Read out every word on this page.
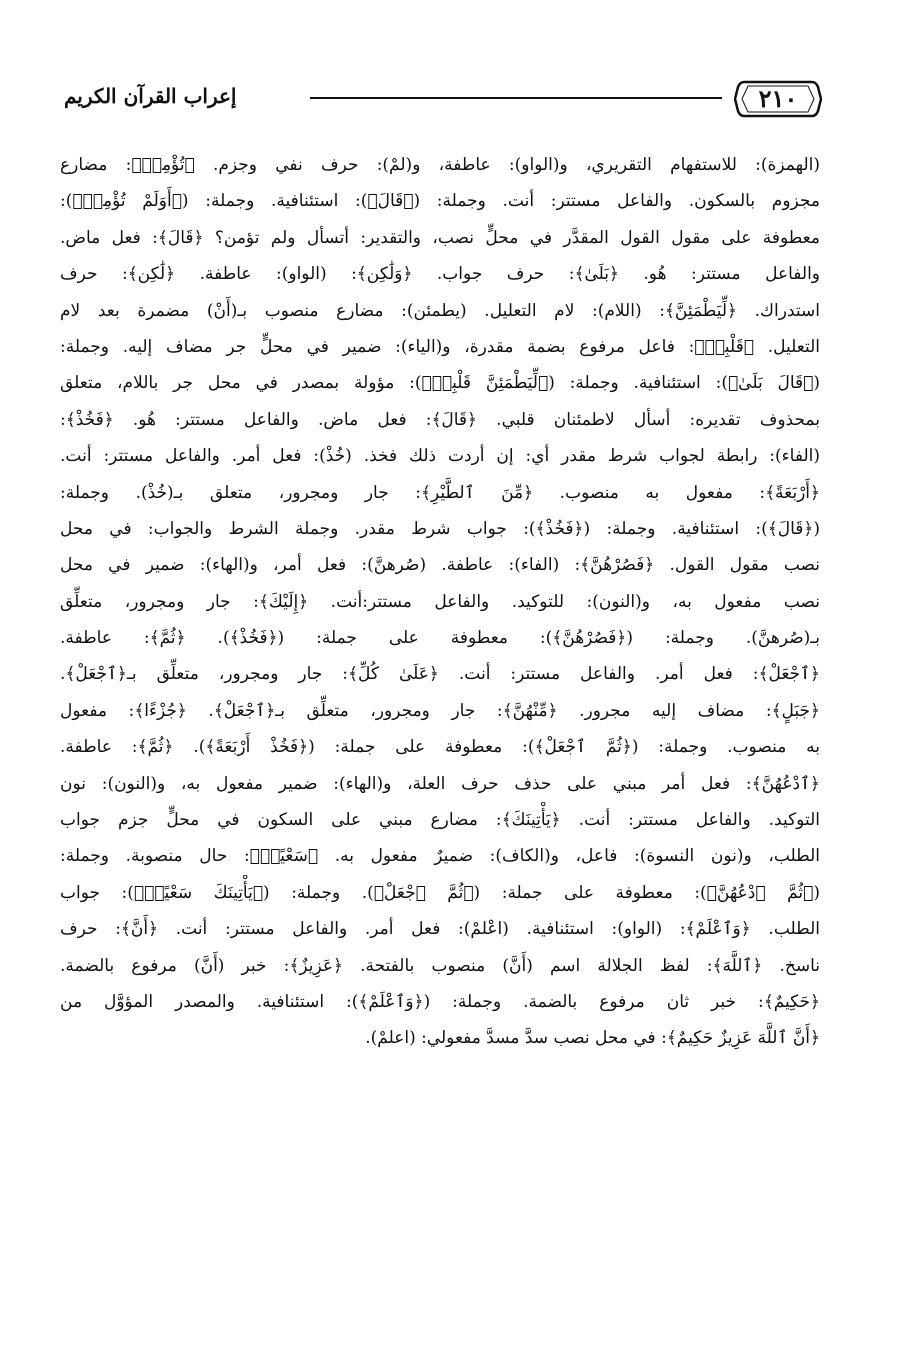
٢١٠
إعراب القرآن الكريم
(الهمزة): للاستفهام التقريري، و(الواو): عاطفة، و(لمْ): حرف نفي وجزم. ﴿تُؤْمِنۖ﴾: مضارع
مجزوم بالسكون. والفاعل مستتر: أنت. وجملة: (﴿قَالَ﴾): استئنافية. وجملة: (﴿أَوَلَمْ تُؤْمِنۖ﴾):
معطوفة على مقول القول المقدَّر في محلٍّ نصب، والتقدير: أتسأل ولم تؤمن؟ ﴿قَالَ﴾: فعل ماض.
والفاعل مستتر: هُو. ﴿بَلَىٰ﴾: حرف جواب. ﴿وَلَٰكِن﴾: (الواو): عاطفة. ﴿لَٰكِن﴾: حرف
استدراك. ﴿لِّيَطْمَئِنَّ﴾: (اللام): لام التعليل. (يطمئن): مضارع منصوب بـ(أَنْ) مضمرة بعد لام
التعليل. ﴿قَلْبِيۖ﴾: فاعل مرفوع بضمة مقدرة، و(الياء): ضمير في محلٍّ جر مضاف إليه. وجملة:
(﴿قَالَ بَلَىٰ﴾): استئنافية. وجملة: (﴿لِّيَطْمَئِنَّ قَلْبِيۖ﴾): مؤولة بمصدر في محل جر باللام، متعلق
بمحذوف تقديره: أسأل لاطمئنان قلبي. ﴿قَالَ﴾: فعل ماض. والفاعل مستتر: هُو. ﴿فَخُذْ﴾:
(الفاء): رابطة لجواب شرط مقدر أي: إن أردت ذلك فخذ. (خُذْ): فعل أمر. والفاعل مستتر: أنت.
﴿أَرْبَعَةً﴾: مفعول به منصوب. ﴿مِّنَ ٱلطَّيْرِ﴾: جار ومجرور، متعلق بـ(خُذْ). وجملة:
(﴿قَالَ﴾): استئنافية. وجملة: (﴿فَخُذْ﴾): جواب شرط مقدر. وجملة الشرط والجواب: في محل
نصب مقول القول. ﴿فَصُرْهُنَّ﴾: (الفاء): عاطفة. (صُرهنَّ): فعل أمر، و(الهاء): ضمير في محل
نصب مفعول به، و(النون): للتوكيد. والفاعل مستتر:أنت. ﴿إِلَيْكَ﴾: جار ومجرور، متعلِّق
بـ(صُرهنَّ). وجملة: (﴿فَصُرْهُنَّ﴾): معطوفة على جملة: (﴿فَخُذْ﴾). ﴿ثُمَّ﴾: عاطفة.
﴿ٱجْعَلْ﴾: فعل أمر. والفاعل مستتر: أنت. ﴿عَلَىٰ كُلِّ﴾: جار ومجرور، متعلِّق بـ﴿ٱجْعَلْ﴾.
﴿جَبَلٍ﴾: مضاف إليه مجرور. ﴿مِّنْهُنَّ﴾: جار ومجرور، متعلِّق بـ﴿ٱجْعَلْ﴾. ﴿جُزْءًا﴾: مفعول
به منصوب. وجملة: (﴿ثُمَّ ٱجْعَلْ﴾): معطوفة على جملة: (﴿فَخُذْ أَرْبَعَةً﴾). ﴿ثُمَّ﴾: عاطفة.
﴿ٱدْعُهُنَّ﴾: فعل أمر مبني على حذف حرف العلة، و(الهاء): ضمير مفعول به، و(النون): نون
التوكيد. والفاعل مستتر: أنت. ﴿يَأْتِينَكَ﴾: مضارع مبني على السكون في محلٍّ جزم جواب
الطلب، و(نون النسوة): فاعل، و(الكاف): ضميرٌ مفعول به. ﴿سَعْيًاۚ﴾: حال منصوبة. وجملة:
(﴿ثُمَّ ٱدْعُهُنَّ﴾): معطوفة على جملة: (﴿ثُمَّ ٱجْعَلْ﴾). وجملة: (﴿يَأْتِينَكَ سَعْيًاۚ﴾): جواب
الطلب. ﴿وَٱعْلَمْ﴾: (الواو): استئنافية. (اعْلمْ): فعل أمر. والفاعل مستتر: أنت. ﴿أَنَّ﴾: حرف
ناسخ. ﴿ٱللَّهَ﴾: لفظ الجلالة اسم (أَنَّ) منصوب بالفتحة. ﴿عَزِيزٌ﴾: خبر (أَنَّ) مرفوع بالضمة.
﴿حَكِيمٌ﴾: خبر ثان مرفوع بالضمة. وجملة: (﴿وَٱعْلَمْ﴾): استئنافية. والمصدر المؤوَّل من
﴿أَنَّ ٱللَّهَ عَزِيزٌ حَكِيمٌ﴾: في محل نصب سدَّ مسدَّ مفعولي: (اعلمْ).
